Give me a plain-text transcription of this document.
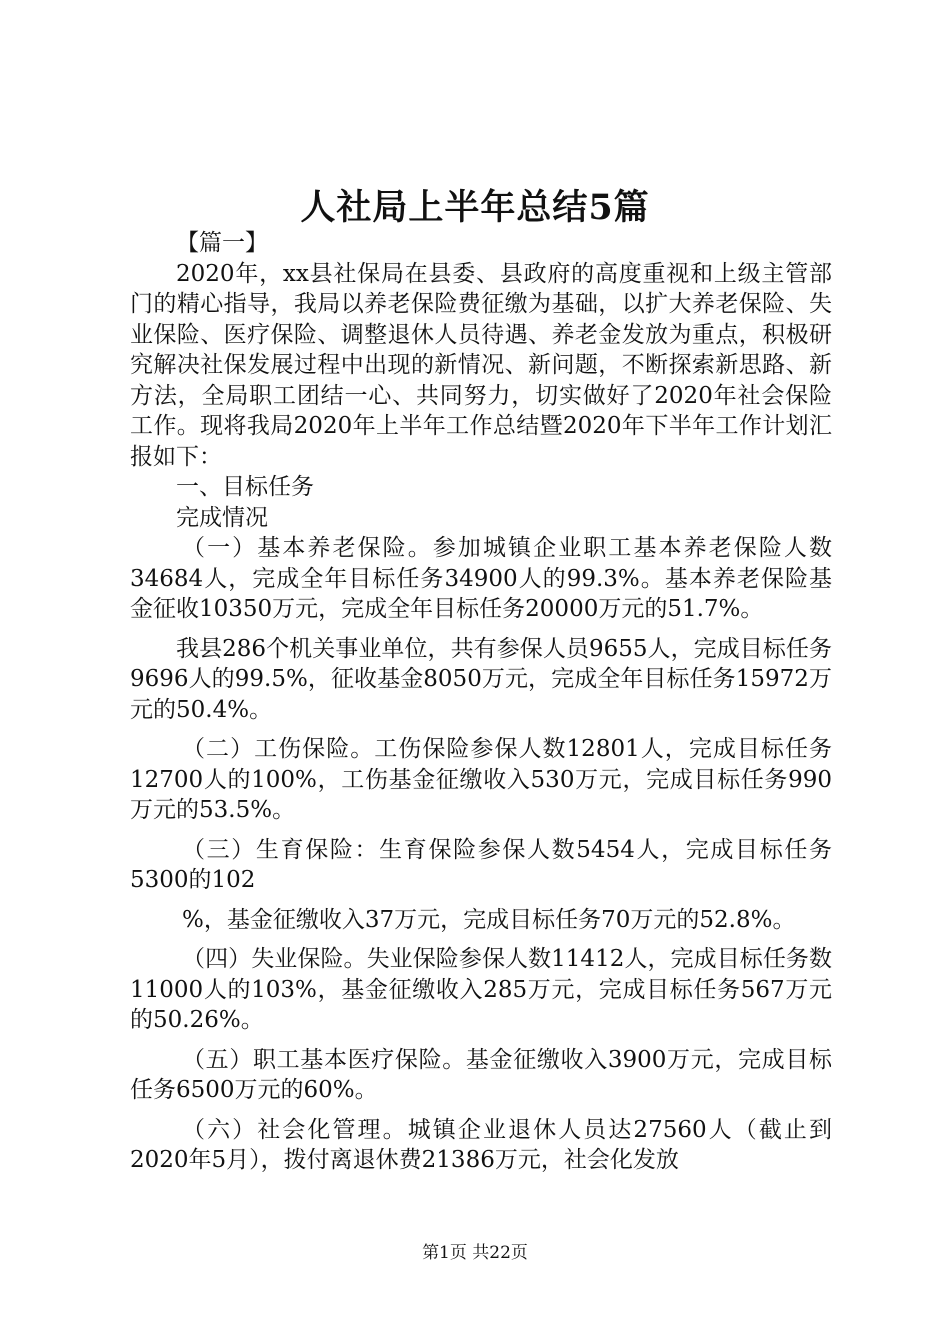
人社局上半年总结5篇

【篇一】

2020年，xx县社保局在县委、县政府的高度重视和上级主管部门的精心指导，我局以养老保险费征缴为基础，以扩大养老保险、失业保险、医疗保险、调整退休人员待遇、养老金发放为重点，积极研究解决社保发展过程中出现的新情况、新问题，不断探索新思路、新方法，全局职工团结一心、共同努力，切实做好了2020年社会保险工作。现将我局2020年上半年工作总结暨2020年下半年工作计划汇报如下：

一、目标任务

完成情况

（一）基本养老保险。参加城镇企业职工基本养老保险人数34684人，完成全年目标任务34900人的99.3%。基本养老保险基金征收10350万元，完成全年目标任务20000万元的51.7%。

我县286个机关事业单位，共有参保人员9655人，完成目标任务9696人的99.5%，征收基金8050万元，完成全年目标任务15972万元的50.4%。

（二）工伤保险。工伤保险参保人数12801人，完成目标任务12700人的100%，工伤基金征缴收入530万元，完成目标任务990万元的53.5%。

（三）生育保险：生育保险参保人数5454人，完成目标任务5300的102

%，基金征缴收入37万元，完成目标任务70万元的52.8%。

（四）失业保险。失业保险参保人数11412人，完成目标任务数11000人的103%，基金征缴收入285万元，完成目标任务567万元的50.26%。

（五）职工基本医疗保险。基金征缴收入3900万元，完成目标任务6500万元的60%。

（六）社会化管理。城镇企业退休人员达27560人（截止到2020年5月），拨付离退休费21386万元，社会化发放

第1页 共22页
